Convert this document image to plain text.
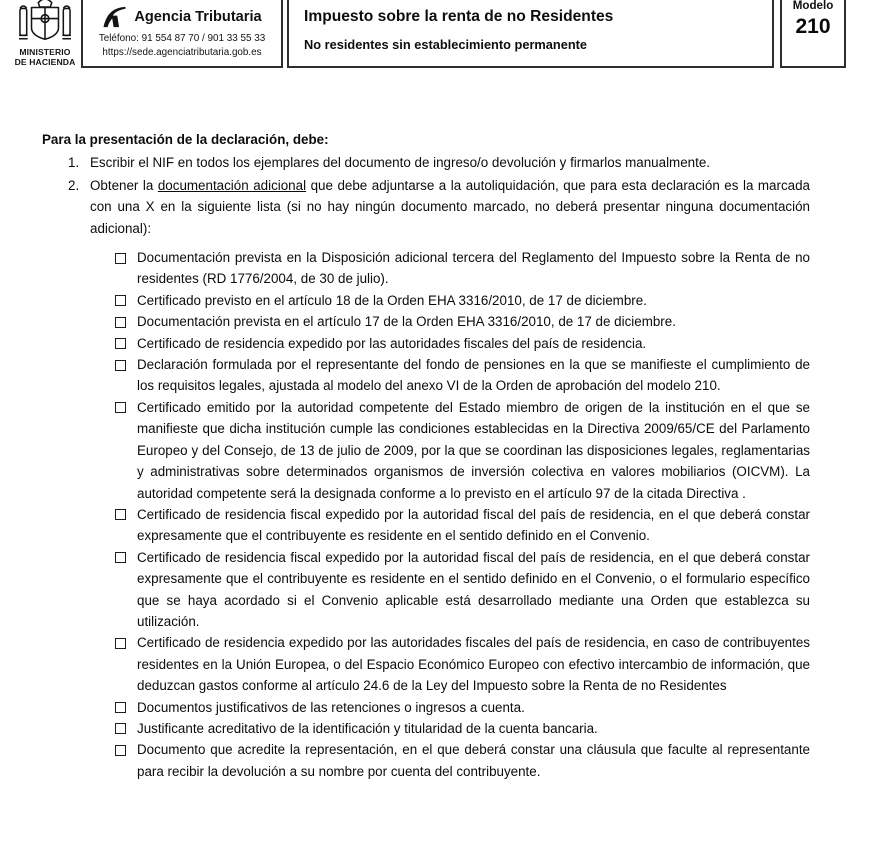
MINISTERIO
DE HACIENDA
Agencia Tributaria
Teléfono: 91 554 87 70 / 901 33 55 33
https://sede.agenciatributaria.gob.es
Impuesto sobre la renta de no Residentes
No residentes sin establecimiento permanente
Modelo
210
Para la presentación de la declaración, debe:
1. Escribir el NIF en todos los ejemplares del documento de ingreso/o devolución y firmarlos manualmente.
2. Obtener la documentación adicional que debe adjuntarse a la autoliquidación, que para esta declaración es la marcada con una X en la siguiente lista (si no hay ningún documento marcado, no deberá presentar ninguna documentación adicional):
Documentación prevista en la Disposición adicional tercera del Reglamento del Impuesto sobre la Renta de no residentes (RD 1776/2004, de 30 de julio).
Certificado previsto en el artículo 18 de la Orden EHA 3316/2010, de 17 de diciembre.
Documentación prevista en el artículo 17 de la Orden EHA 3316/2010, de 17 de diciembre.
Certificado de residencia expedido por las autoridades fiscales del país de residencia.
Declaración formulada por el representante del fondo de pensiones en la que se manifieste el cumplimiento de los requisitos legales, ajustada al modelo del anexo VI de la Orden de aprobación del modelo 210.
Certificado emitido por la autoridad competente del Estado miembro de origen de la institución en el que se manifieste que dicha institución cumple las condiciones establecidas en la Directiva 2009/65/CE del Parlamento Europeo y del Consejo, de 13 de julio de 2009, por la que se coordinan las disposiciones legales, reglamentarias y administrativas sobre determinados organismos de inversión colectiva en valores mobiliarios (OICVM). La autoridad competente será la designada conforme a lo previsto en el artículo 97 de la citada Directiva .
Certificado de residencia fiscal expedido por la autoridad fiscal del país de residencia, en el que deberá constar expresamente que el contribuyente es residente en el sentido definido en el Convenio.
Certificado de residencia fiscal expedido por la autoridad fiscal del país de residencia, en el que deberá constar expresamente que el contribuyente es residente en el sentido definido en el Convenio, o el formulario específico que se haya acordado si el Convenio aplicable está desarrollado mediante una Orden que establezca su utilización.
Certificado de residencia expedido por las autoridades fiscales del país de residencia, en caso de contribuyentes residentes en la Unión Europea, o del Espacio Económico Europeo con efectivo intercambio de información, que deduzcan gastos conforme al artículo 24.6 de la Ley del Impuesto sobre la Renta de no Residentes
Documentos justificativos de las retenciones o ingresos a cuenta.
Justificante acreditativo de la identificación y titularidad de la cuenta bancaria.
Documento que acredite la representación, en el que deberá constar una cláusula que faculte al representante para recibir la devolución a su nombre por cuenta del contribuyente.
